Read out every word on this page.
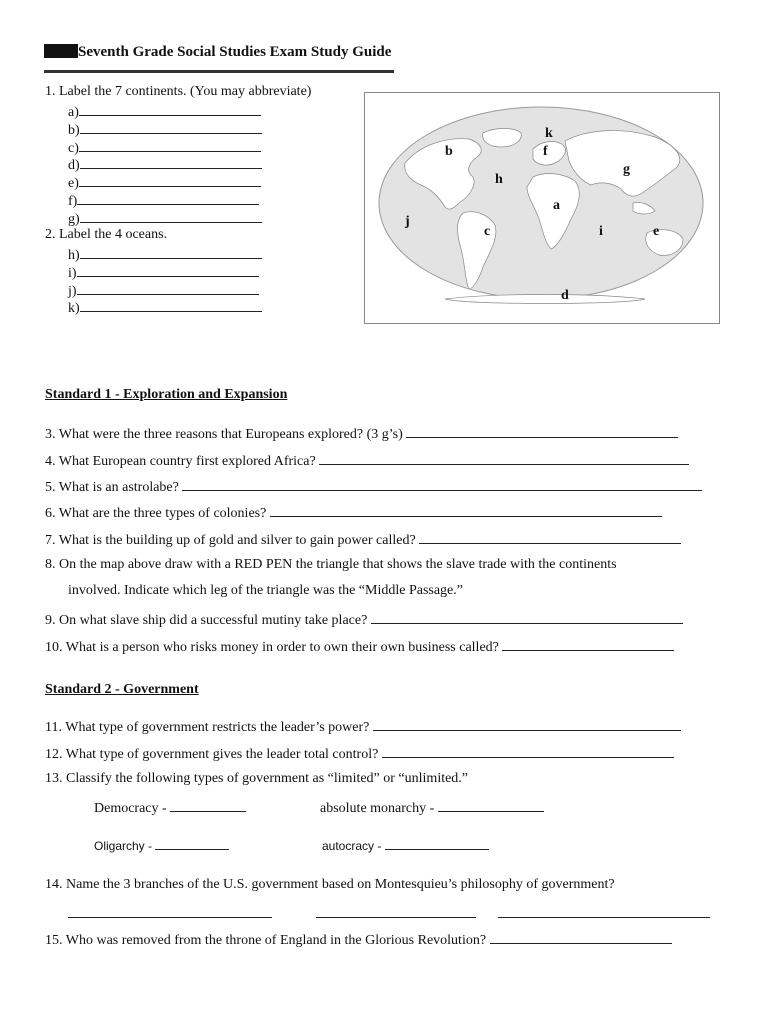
Seventh Grade Social Studies Exam Study Guide
1. Label the 7 continents. (You may abbreviate)
a)
b)
c)
d)
e)
f)
g)
2. Label the 4 oceans.
h)
i)
j)
k)
b
k
f
g
h
a
j
c	i	e
d
Standard 1 - Exploration and Expansion
3. What were the three reasons that Europeans explored? (3 g’s)
4. What European country first explored Africa?
5. What is an astrolabe?
6. What are the three types of colonies?
7. What is the building up of gold and silver to gain power called?
8. On the map above draw with a RED PEN the triangle that shows the slave trade with the continents
involved. Indicate which leg of the triangle was the “Middle Passage.”
9. On what slave ship did a successful mutiny take place?
10. What is a person who risks money in order to own their own business called?
Standard 2 - Government
11. What type of government restricts the leader’s power?
12. What type of government gives the leader total control?
13. Classify the following types of government as “limited” or “unlimited.”
Democracy -	absolute monarchy -
Oligarchy -	autocracy -
14. Name the 3 branches of the U.S. government based on Montesquieu’s philosophy of government?
15. Who was removed from the throne of England in the Glorious Revolution?
